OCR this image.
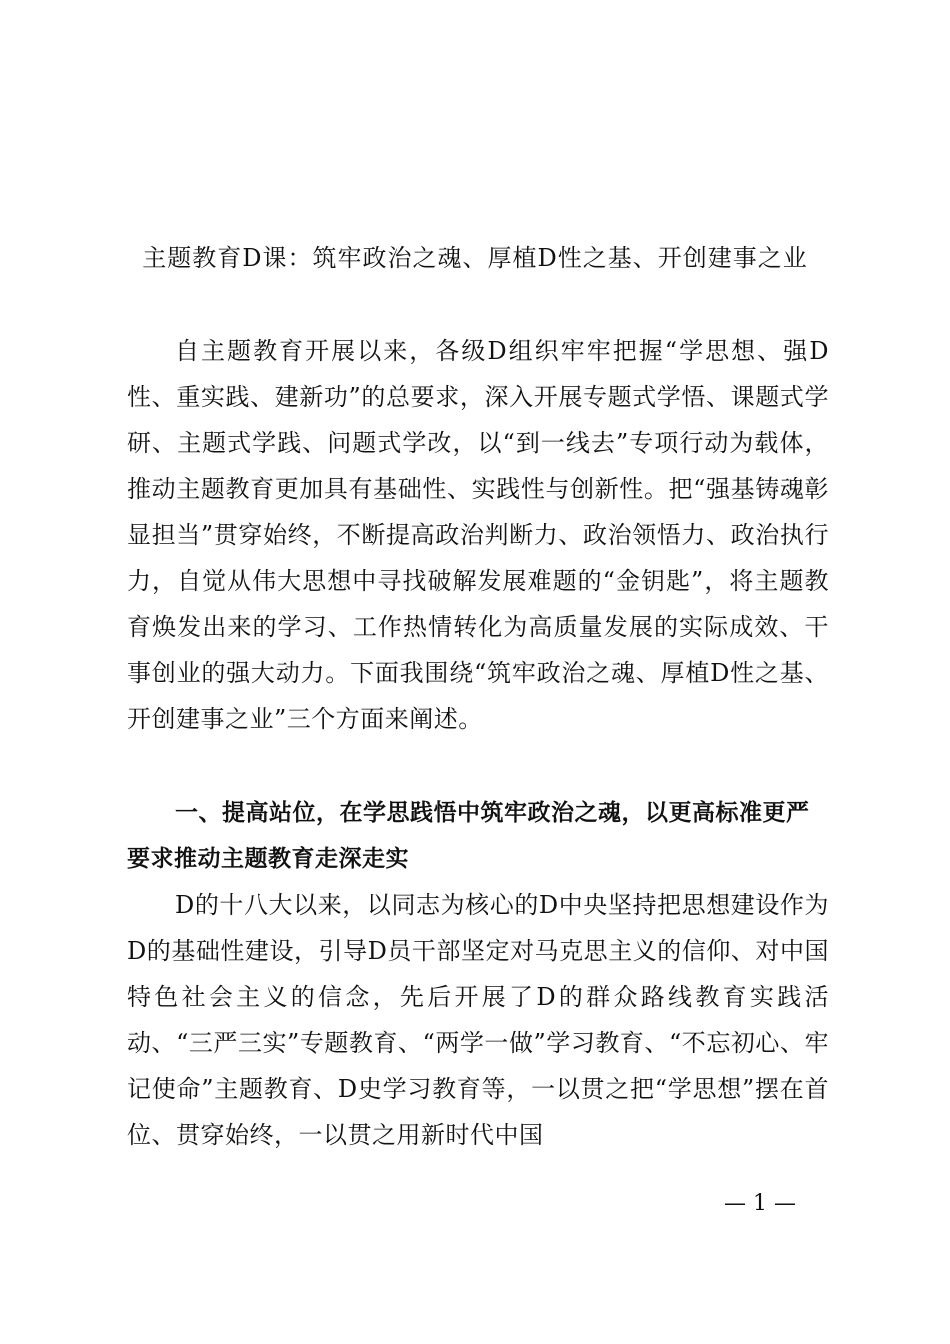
主题教育D课：筑牢政治之魂、厚植D性之基、开创建事之业
自主题教育开展以来，各级D组织牢牢把握“学思想、强D性、重实践、建新功”的总要求，深入开展专题式学悟、课题式学研、主题式学践、问题式学改，以“到一线去”专项行动为载体，推动主题教育更加具有基础性、实践性与创新性。把“强基铸魂彰显担当”贯穿始终，不断提高政治判断力、政治领悟力、政治执行力，自觉从伟大思想中寻找破解发展难题的“金钥匙”，将主题教育焕发出来的学习、工作热情转化为高质量发展的实际成效、干事创业的强大动力。下面我围绕“筑牢政治之魂、厚植D性之基、开创建事之业”三个方面来阐述。
一、提高站位，在学思践悟中筑牢政治之魂，以更高标准更严要求推动主题教育走深走实
D的十八大以来，以同志为核心的D中央坚持把思想建设作为D的基础性建设，引导D员干部坚定对马克思主义的信仰、对中国特色社会主义的信念，先后开展了D的群众路线教育实践活动、“三严三实”专题教育、“两学一做”学习教育、“不忘初心、牢记使命”主题教育、D史学习教育等，一以贯之把“学思想”摆在首位、贯穿始终，一以贯之用新时代中国
— 1 —
